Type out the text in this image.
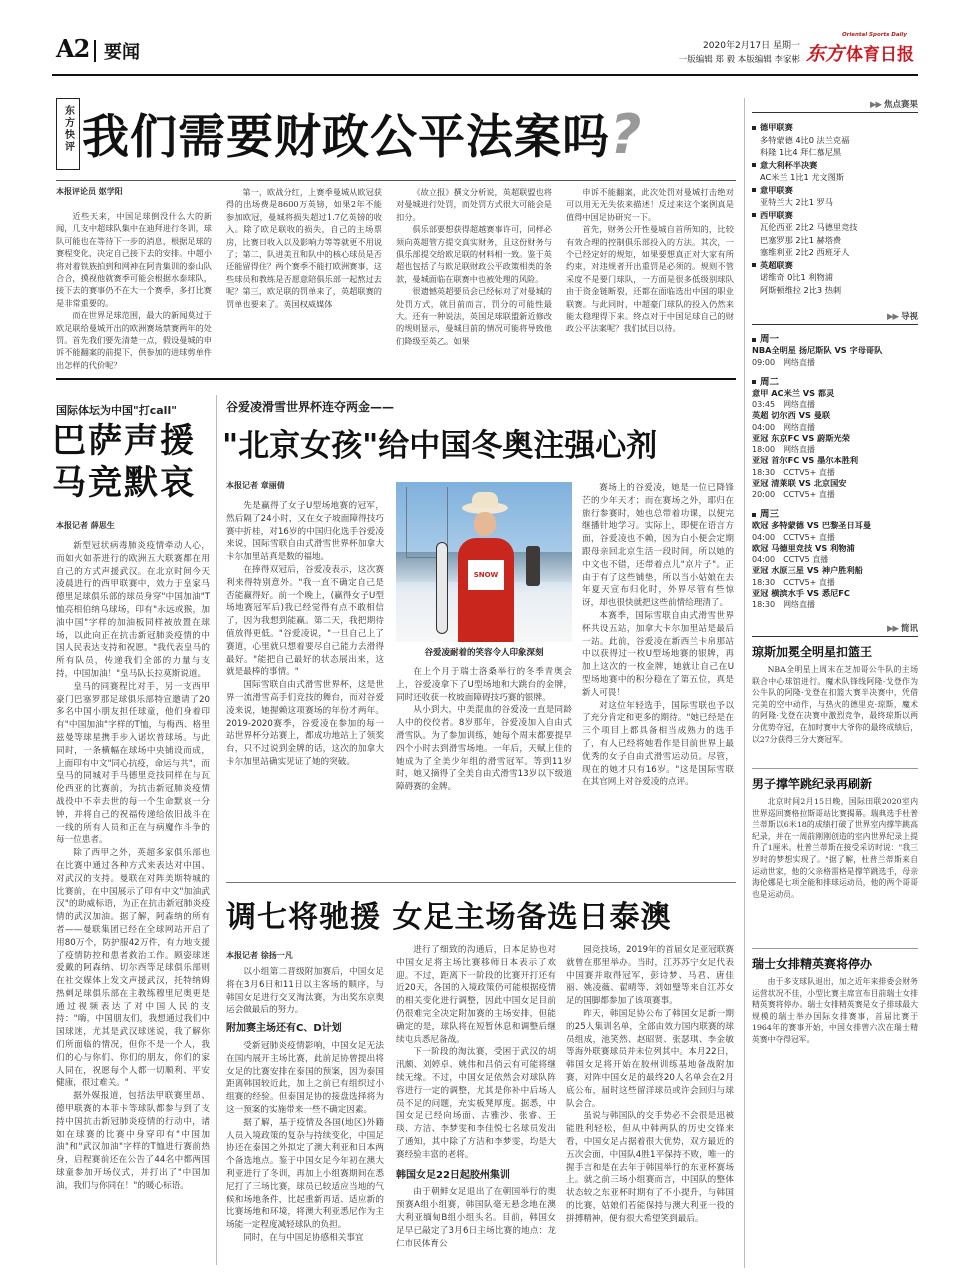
A2 要闻	2020年2月17日 星期一
一版编辑 郑 毅 本版编辑 李家彬
Oriental Sports Daily
东方 体育日报
东方快评 我们需要财政公平法案吗?
本报评论员 妪学阳

近些天来，中国足球倒没什么大的新闻，几支中超球队集中在迪拜进行冬训，球队可能也在等待下一步的消息，根据足球的赛程变化，决定自己接下去的安排。中超小将对着铁族拍到和网神在阿肯集训的泰山队合合，摸视他就赛季可能会根据水泰球队，接下去的赛事仍不在大一个赛季，多打比赛是非常重要的。

而在世界足球范围，最大的新闻莫过于欧足联给曼城开出的欧洲赛场禁赛两年的处罚。首先我们要先清楚一点，假设曼城的申诉不能翻案的前提下，供参加的进球剪单件出怎样的代价呢？

第一，欧战分红，上赛季曼城从欧冠获得的出场费是8600万英镑，如果2年不能参加欧冠，曼城将损失超过1.7亿英镑的收入。除了欧足联收的损失，自己的主场票房，比赛日收入以及影响力等等就更不用说了；第二，队进美丑和队中的核心球员是否还能留得住？两个赛季不能打欧洲赛事，这些球员和教练是否愿意陪俱乐部一起熬过去呢？第三，欧足联的罚单来了，英超联赛的罚单也要来了。英国权威媒体

《故立报》撰文分析说，英超联盟也将对曼城进行处罚，而处罚方式很大可能会是扣分。

俱乐部要想获得超越赛事许可，同样必须向英超管方提交真实财务，且这份财务与俱乐部提交给欧足联的材料相一致。鉴于英超也包括了与欧足联财政公平政策相类的条款，曼城面临在联赛中也被处理的风险。

很遗憾英超要员会已经标对了对曼城的处罚方式，就目前而言，罚分的可能性最大。还有一种说法，英国足球联盟新近修改的规则显示，曼城目前的情况可能将导致他们降级至英乙。如果

申诉不能翻案，此次处罚对曼城打击绝对可以用无无失依来描述！反过来这个案例真是值得中国足协研究一下。

首先，财务公开性曼城自首所知的，比较有效合理的控制俱乐部投入的方法。其次，一个已经定好的规矩，如果要想真正对大家有所约束，对违规者开出重罚是必须的。规则不管采度不是要门球队，一方面是很多低级别球队由于资金链断裂，还都在面临选出中国的职业联赛。与此同时，中超豪门球队的投入仍然来能太稳理得下来。终点对于中国足球自己的财政公平法案呢？我们拭目以待。

国际体坛为中国"打call"
巴萨声援
马竞默哀
本报记者 薛思生

新型冠状病毒肺炎疫情牵动人心，而如火如荼进行的欧洲五大联赛都在用自己的方式声援武汉。在北京时间今天凌晨进行的西甲联赛中，效力于皇家马德里足球俱乐部的球员身穿"中国加油"T恤亮相伯纳乌球场，印有"永远或猴，加油中国"字样的加油板同样被放置在球场，以此向正在抗击新冠肺炎疫情的中国人民表达支持和祝愿。"我代表皇马的所有队员，传递我们全部的力量与支持，中国加油！"皇马队长拉莫斯说道。

皇马的同赛程比对手，另一支西甲豪门巴塞罗那足球俱乐部特宣邀请了20多名中国小朋友担任球童，他们身着印有"中国加油"字样的T恤，与梅西、格里兹曼等球星携手步入诺坎普球场。与此同时，一条横幅在球场中央铺设而成，上面印有中文"同心抗疫，命运与共"，而皇马的同城对手马德里竞技同样在与瓦伦西亚的比赛前，为抗击新冠肺炎疫情战役中不幸去世的每一个生命默哀一分钟，并将自己的祝福传递给依旧战斗在一线的所有人员和正在与病魔作斗争的每一位患者。

除了西甲之外，英超多家俱乐部也在比赛中通过各种方式来表达对中国、对武汉的支持。曼联在对阵美斯特城的比赛前，在中国展示了印有中文"加油武汉"的助威标语，为正在抗击新冠肺炎疫情的武汉加油。据了解，阿森纳的所有者——曼联集团已经在全球网站开启了用80万个，防护服42万件，有力地支援了疫情防控和患者救治工作。顾姿球迷爱戴的阿森纳、切尔西等足球俱乐部则在社交媒体上发文声援武汉，托特纳姆热刺足球俱乐部在主教练穆里尼奥更是通过视频表达了对中国人民的支持："嗨，中国朋友们，我想通过我们中国球迷，尤其是武汉球迷说，我了解你们所面临的情况，但你不是一个人，我们的心与你们、你们的朋友，你们的家人同在，祝愿每个人都一切顺利、平安健康，很过难关。"

据外媒报道，包括法甲联赛里昂、德甲联赛的本菲卡等球队都参与到了支持中国抗击新冠肺炎疫情的行动中，诸如在球赛的比赛中身穿印有"中国加油"和"武汉加油"字样的T恤进行赛前热身，启程赛前还在公告了44名中都两国球童参加开场仪式，并打出了"中国加油，我们与你同在！"的暖心标语。

谷爱凌滑雪世界杯连夺两金——
"北京女孩"给中国冬奥注强心剂
本报记者 章丽倩

先是赢得了女子U型场地赛的冠军，然后隔了24小时，又在女子坡面障得技巧赛中折桂，对16岁的中国归化选手谷爱凌来说，国际雪联自由式滑雪世界杯加拿大卡尔加里站真是数的福地。

在捧得双冠后，谷爱凌表示，这次赛利来得特别意外。"我一直不确定自己是否能赢得好。前一个晚上，(赢得女子U型场地赛冠军后)我已经觉得有点不敢相信了，因为我想到能赢。第二天，我把期待值放得更低。"谷爱凌说，"一旦自己上了赛道，心里就只想着要尽自己能力去滑得最好。"能把自己最好的状态展出来，这就是最棒的事情。"

国际雪联自由式滑雪世界杯，这是世界一流滑雪高手们竞技的舞台，而对谷爱凌来说，她握赖这项赛场的年份才两年。2019-2020赛季，谷爱凌在参加的每一站世界杯分站赛上，都成功地站上了领奖台，只不过说到金牌的话，这次的加拿大卡尔加里站确实见证了她的突破。

SNOW
谷爱凌耐着的笑容令人印象深刻

在上个月于瑞士洛桑举行的冬季青奥会上，谷爱凌拿下了U型场地和大跳台的金牌，同时还收获一枚坡面障碍技巧赛的银牌。

从小到大，中美混血的谷爱凌一直是同龄人中的佼佼者。8岁那年，谷爱凌加入自由式滑雪队。为了参加训练，她每个周末都要提早四个小时去到滑雪场地。一年后，天赋上佳的她成为了全美少年组的滑雪冠军。等到11岁时，她又摘得了全美自由式滑雪13岁以下级道障碍赛的金牌。

赛场上的谷爱凌，她是一位已降锋芒的少年天才；而在赛场之外，耶归在旅行参赛时，她也总带着功课，以便完继播针地学习。实际上，即便在语言方面，谷爱凌也不赖，因为白小便会定期跟母亲回北京生活一段时间，所以她的中文也不错，还带着点儿"京片子"。正由于有了这些铺垫，所以当小姑娘在去年夏天宣布归化时，外界尽管有些惊讶，却也很快就把这些前情给理清了。

本赛季，国际雪联自由式滑雪世界杯共设五站，加拿大卡尔加里站是最后一站。此前，谷爱凌在新西兰卡帛那站中以获得过一枚U型场地赛的银牌，再加上这次的一枚金牌，她就让自己在U型场地赛中的积分稳在了第五位，真是新人可畏！

对这位年轻选手，国际雪联也予以了充分肯定和更多的期待。"她已经是在三个项目上都具备相当成熟力的选手了，有人已经将她看作是目前世界上最优秀的女子自由式滑雪运动员。尽管，现在的她才只有16岁。"这是国际雪联在其官网上对谷爱凌的点评。

调七将驰援 女足主场备选日泰澳
本报记者 徐扬一凡

以小组第二晋级附加赛后，中国女足将在3月6日和11日以主客场的顺序，与韩国女足进行交叉淘汰赛，为出奖东京奥运会做最后的努力。

附加赛主场还有C、D计划

受新冠肺炎疫情影响，中国女足无法在国内展开主场比赛，此前足协曾提出将女足的比赛安排在泰国的预案，因为泰国距离韩国较近此，加上之前已有组织过小组赛的经验。但泰国足协的接盘选择将为这一预案的实施带来一些不确定因素。

据了解，基于疫情及各国(地区)外籍人员入境政策的复杂与持续变化，中国足协还在泰国之外拟定了澳大利亚和日本两个备选地点。鉴于中国女足今年初在澳大利亚进行了冬训，再加上小组赛期间在悉尼打了三场比赛，球员已较适应当地的气候和场地条件，比起重新再适、适应新的比赛场地和环境，将澳大利亚悉尼作为主场能一定程度减轻球队的负担。

同时，在与中国足协感相关事宜

进行了细致的沟通后，日本足协也对中国女足将主场比赛移师日本表示了欢迎。不过，距离下一阶段的比赛开打还有近20天，各国的入境政策仍可能根据疫情的相关变化进行调整，因此中国女足目前仍很难完全决定附加赛的主场安排，但能确定的是，球队将在短暂休息和调整后继续屯兵悉尼备战。

下一阶段的淘汰赛，受困于武汉的胡汛颇、刘婷卓、姚伟和吕俏云有可能将继续无缘。不过，中国女足依然会对球队阵容进行一定的调整，尤其是你补中后场人员不足的问题，充实板凳厚度。据悉，中国女足已经向场面、古雅沙、张睿、王琰、方洁、李梦雯和李佳悦七名球员发出了通知，其中除了方洁和李梦雯，均是大赛经验丰富的老将。

韩国女足22日起胶州集训

由于朝鲜女足退出了在朝国举行的奥预赛A组小组赛，韩国队毫无悬念地在澳大利亚缅甸B组小组头名。目前，韩国女足早已敲定了3月6日主场比赛的地点：龙仁市民体育公

园竞技场，2019年的首届女足亚冠联赛就曾在那里举办。当时，江苏苏宁女足代表中国赛并取得冠军，彭诗梦、马君、唐佳丽、姚凌薇、翟晴等、刘如璧等来自江苏女足的国脚都参加了该项赛事。

昨天，韩国足协公布了韩国女足新一期的25人集训名单，全部由效力国内联赛的球员组成，池笑然、赵昭贤、张瑟琪、李金敏等海外联赛球员并未位列其中。本月22日，韩国女足将开始在胶州训练基地备战附加赛，对阵中国女足的最终20人名单会在2月底公布，届时这些留洋球员或许会回归与球队会合。

虽说与韩国队的交手势必不会很是迅被能胜利轻松，但从中韩两队的历史交锋来看，中国女足占据着很大优势，双方最近的五次会面，中国队4胜1平保持不败，唯一的握手言和是在去年于韩国举行的东亚杯赛场上。就之前三场小组赛而言，中国队的整体状态较之东亚杯时期有了不小提升，与韩国的比赛，姑娘们若能保持与澳大利亚一役的拼搏精神，便有很大希望笑到最后。

▶▶ 焦点赛果
德甲联赛
多特蒙德 4比0 法兰克福
科隆 1比4 拜仁慕尼黑
意大利杯半决赛
AC米兰 1比1 尤文图斯
意甲联赛
亚特兰大 2比1 罗马
西甲联赛
瓦伦西亚 2比2 马德里竞技
巴塞罗那 2比1 赫塔费
塞维利亚 2比2 西班牙人
英超联赛
诺维奇 0比1 利物浦
阿斯顿维拉 2比3 热刺
▶▶ 导视
周一
NBA全明星 扬尼斯队 VS 字母哥队
09:00　 网络直播
周二
意甲 AC米兰 VS 都灵
03:45　 网络直播
英超 切尔西 VS 曼联
04:00　 网络直播
亚冠 东京FC VS 蔚斯光荣
18:00　 网络直播
亚冠 首尔FC VS 墨尔本胜利
18:30　 CCTV5+ 直播
亚冠 清莱联 VS 北京国安
20:00　 CCTV5+ 直播
周三
欧冠 多特蒙德 VS 巴黎圣日耳曼
04:00　 CCTV5+ 直播
欧冠 马德里竞技 VS 利物浦
04:00　 CCTV5 直播
亚冠 水原三星 VS 神户胜利船
18:30　 CCTV5+ 直播
亚冠 横滨水手 VS 悉尼FC
18:30　 网络直播
▶▶ 简讯
琼斯加冕全明星扣篮王
NBA全明星上周末在芝加哥公牛队的主场联合中心球馆进行。魔术队锋线阿隆·戈登作为公牛队的阿隆·戈登在扣篮大赛半决赛中，凭借完美的空中动作，与热火的德里克·琼斯，魔术的阿隆·戈登在决赛中激烈竞争，最终琼斯以两分优势夺冠，在加时赛中大爷你的最终成绩后，以27分获得三分大赛冠军。
男子撑竿跳纪录再刷新
北京时间2月15日晚，国际田联2020室内世界巡回赛格拉斯哥站比赛揭幕。瑞典选手杜普兰蒂斯以6米18的成绩打破了世界室内撑竿跳高纪录，并在一周前刚刚创造的室内世界纪录上提升了1厘米。杜普兰蒂斯在接受采访时说："我三岁时的梦想实现了。"据了解，杜普兰蒂斯来自运动世家，他的父亲格雷格是撑竿跳选手，母亲海伦娜是七项全能和排球运动员，他的两个哥哥也是运动员。
瑞士女排精英赛将停办
由于多支球队退出，加之近年来排委会财务运营状况不佳，小型比赛主席宣布目前瑞士女排精英赛将停办。瑞士女排精英赛是女子排球最大规模的瑞士举办国际女排赛事，首届比赛于1964年的赛事开始，中国女排曾六次在瑞士精英赛中夺得冠军。
